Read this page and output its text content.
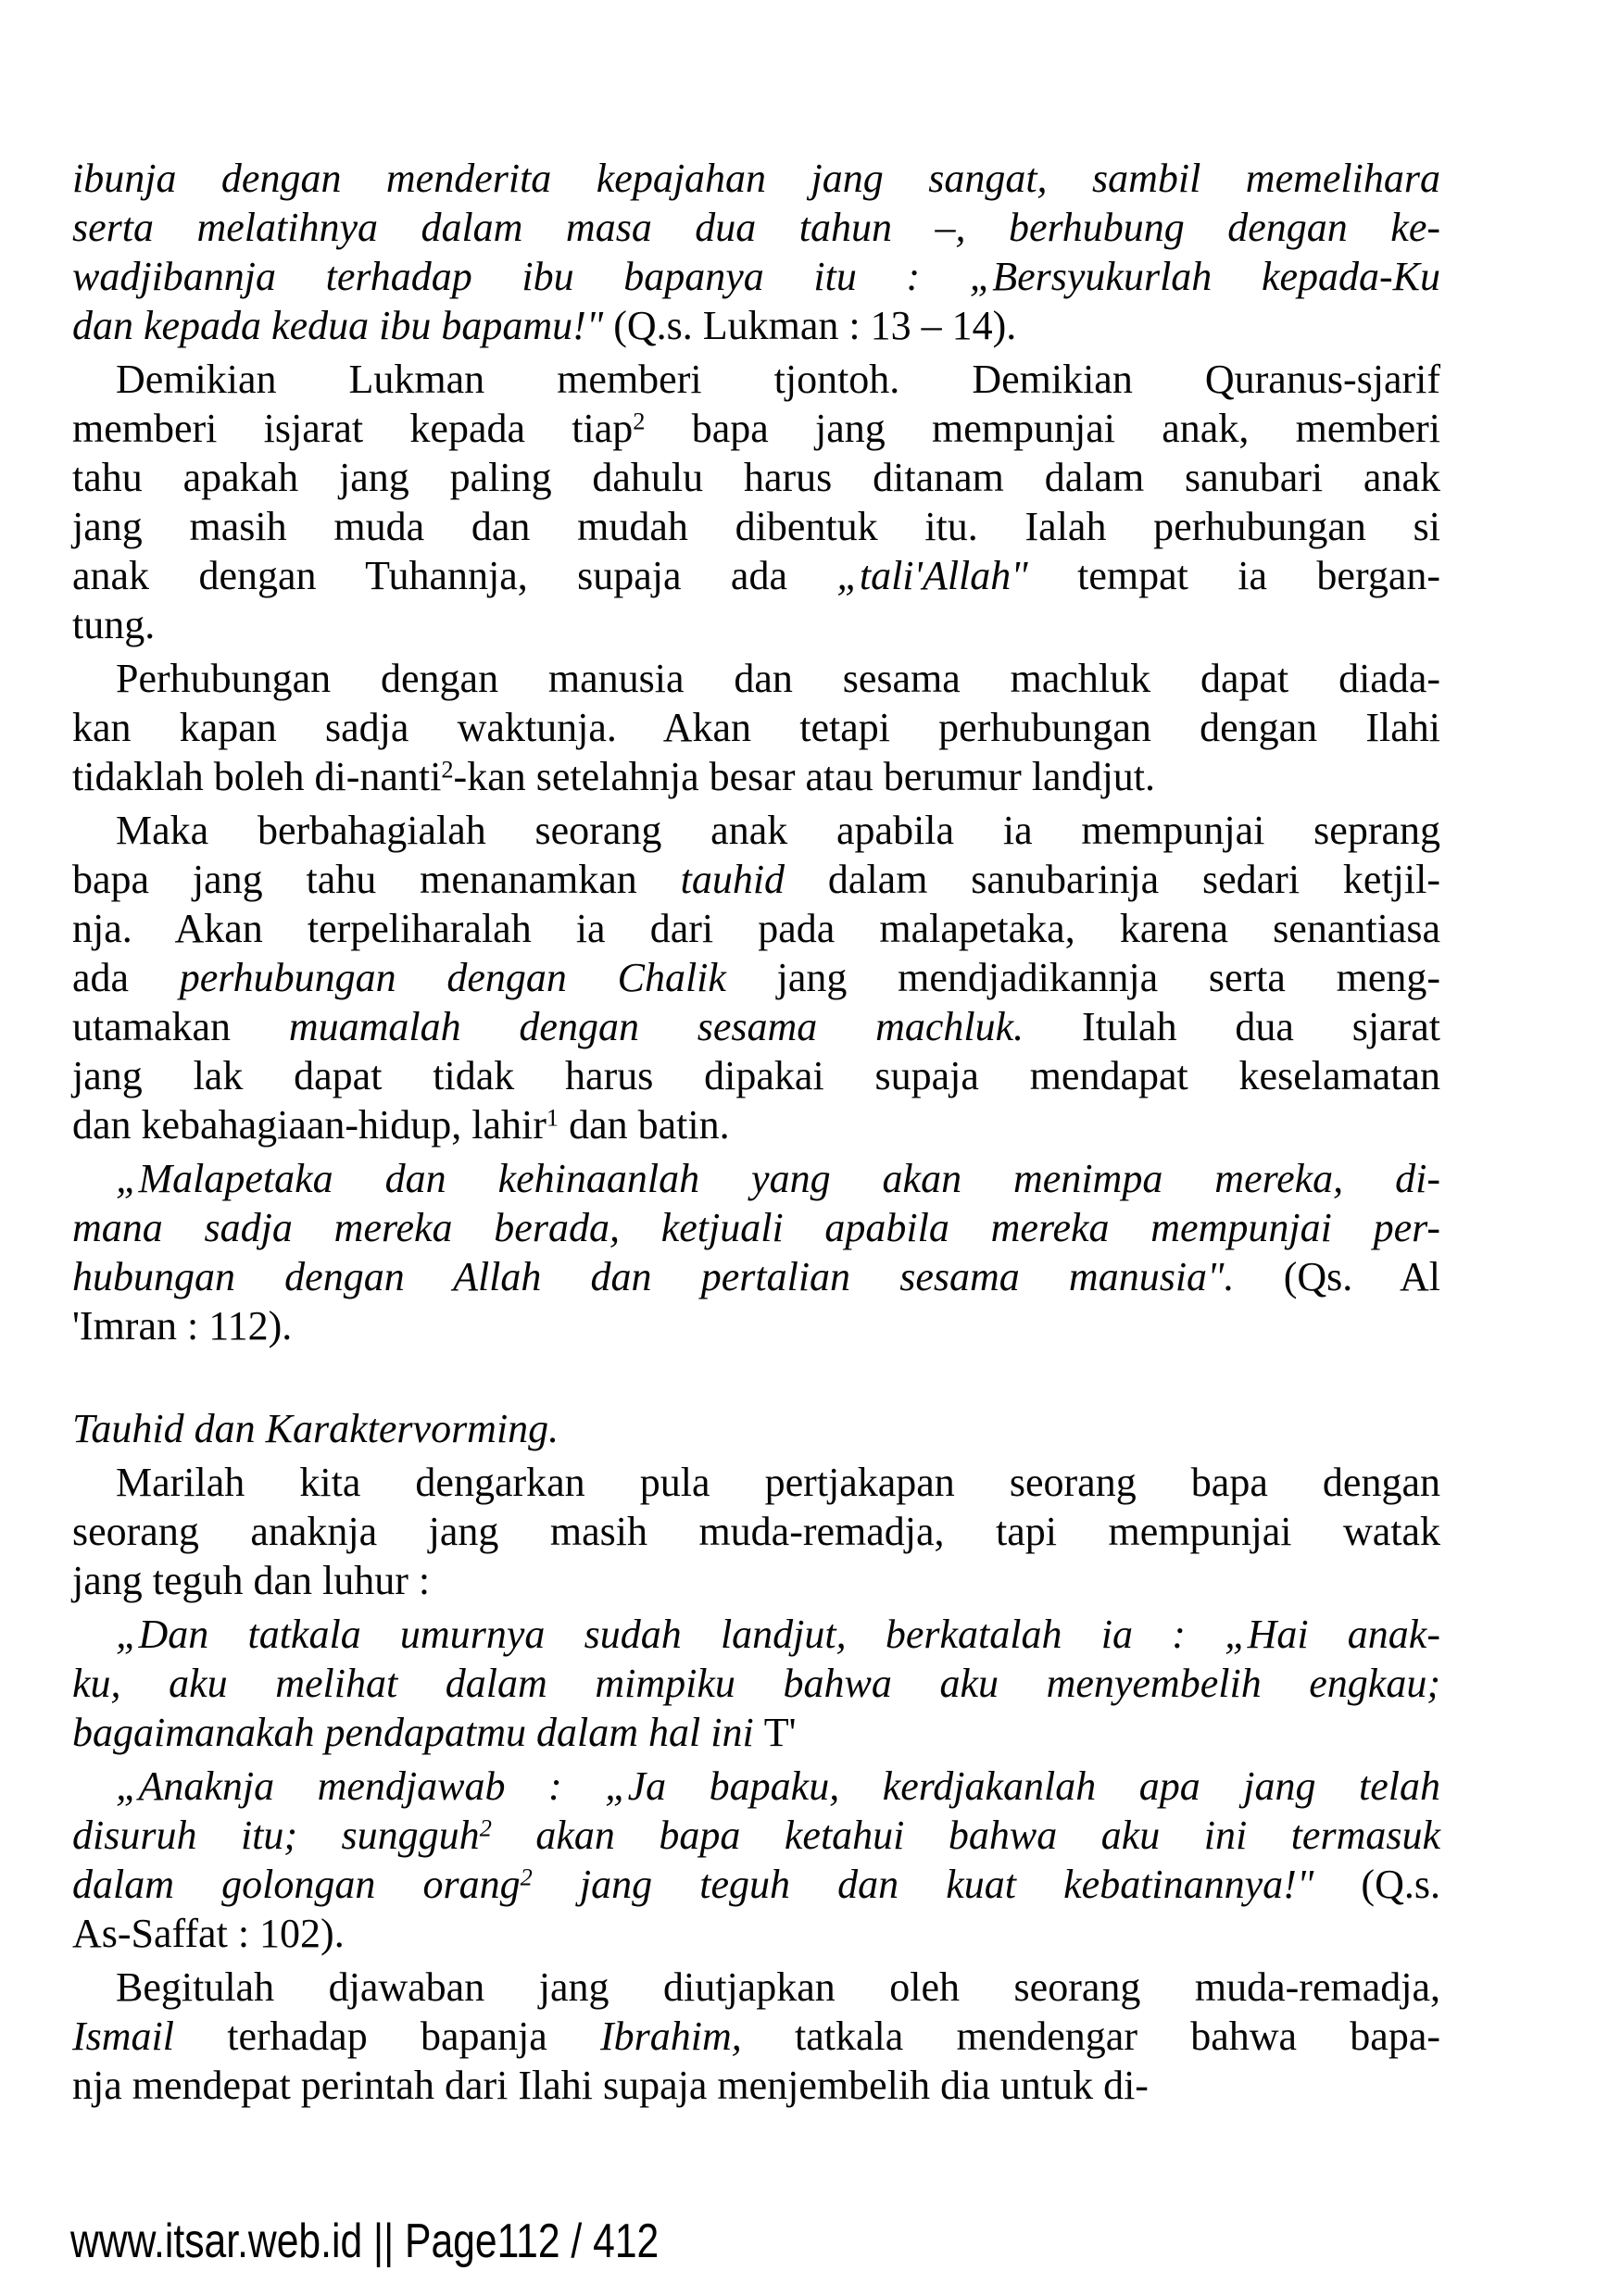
ibunja dengan menderita kepajahan jang sangat, sambil memelihara
serta melatihnya dalam masa dua tahun –, berhubung dengan ke-
wadjibannja terhadap ibu bapanya itu : „Bersyukurlah kepada-Ku
dan kepada kedua ibu bapamu!" (Q.s. Lukman : 13 – 14).
Demikian Lukman memberi tjontoh. Demikian Quranus-sjarif
memberi isjarat kepada tiap$^2$ bapa jang mempunjai anak, memberi
tahu apakah jang paling dahulu harus ditanam dalam sanubari anak
jang masih muda dan mudah dibentuk itu. Ialah perhubungan si
anak dengan Tuhannja, supaja ada „tali'Allah" tempat ia bergan-
tung.
Perhubungan dengan manusia dan sesama machluk dapat diada-
kan kapan sadja waktunja. Akan tetapi perhubungan dengan Ilahi
tidaklah boleh di-nanti$^2$-kan setelahnja besar atau berumur landjut.
Maka berbahagialah seorang anak apabila ia mempunjai seprang
bapa jang tahu menanamkan tauhid dalam sanubarinja sedari ketjil-
nja. Akan terpeliharalah ia dari pada malapetaka, karena senantiasa
ada perhubungan dengan Chalik jang mendjadikannja serta meng-
utamakan muamalah dengan sesama machluk. Itulah dua sjarat
jang lak dapat tidak harus dipakai supaja mendapat keselamatan
dan kebahagiaan-hidup, lahir$^1$ dan batin.
„Malapetaka dan kehinaanlah yang akan menimpa mereka, di-
mana sadja mereka berada, ketjuali apabila mereka mempunjai per-
hubungan dengan Allah dan pertalian sesama manusia". (Qs. Al
'Imran : 112).
Tauhid dan Karaktervorming.
Marilah kita dengarkan pula pertjakapan seorang bapa dengan
seorang anaknja jang masih muda-remadja, tapi mempunjai watak
jang teguh dan luhur :
„Dan tatkala umurnya sudah landjut, berkatalah ia : „Hai anak-
ku, aku melihat dalam mimpiku bahwa aku menyembelih engkau;
bagaimanakah pendapatmu dalam hal ini T'
„Anaknja mendjawab : „Ja bapaku, kerdjakanlah apa jang telah
disuruh itu; sungguh$^2$ akan bapa ketahui bahwa aku ini termasuk
dalam golongan orang$^2$ jang teguh dan kuat kebatinannya!" (Q.s.
As-Saffat : 102).
Begitulah djawaban jang diutjapkan oleh seorang muda-remadja,
Ismail terhadap bapanja Ibrahim, tatkala mendengar bahwa bapa-
nja mendepat perintah dari Ilahi supaja menjembelih dia untuk di-
www.itsar.web.id || Page112 / 412
